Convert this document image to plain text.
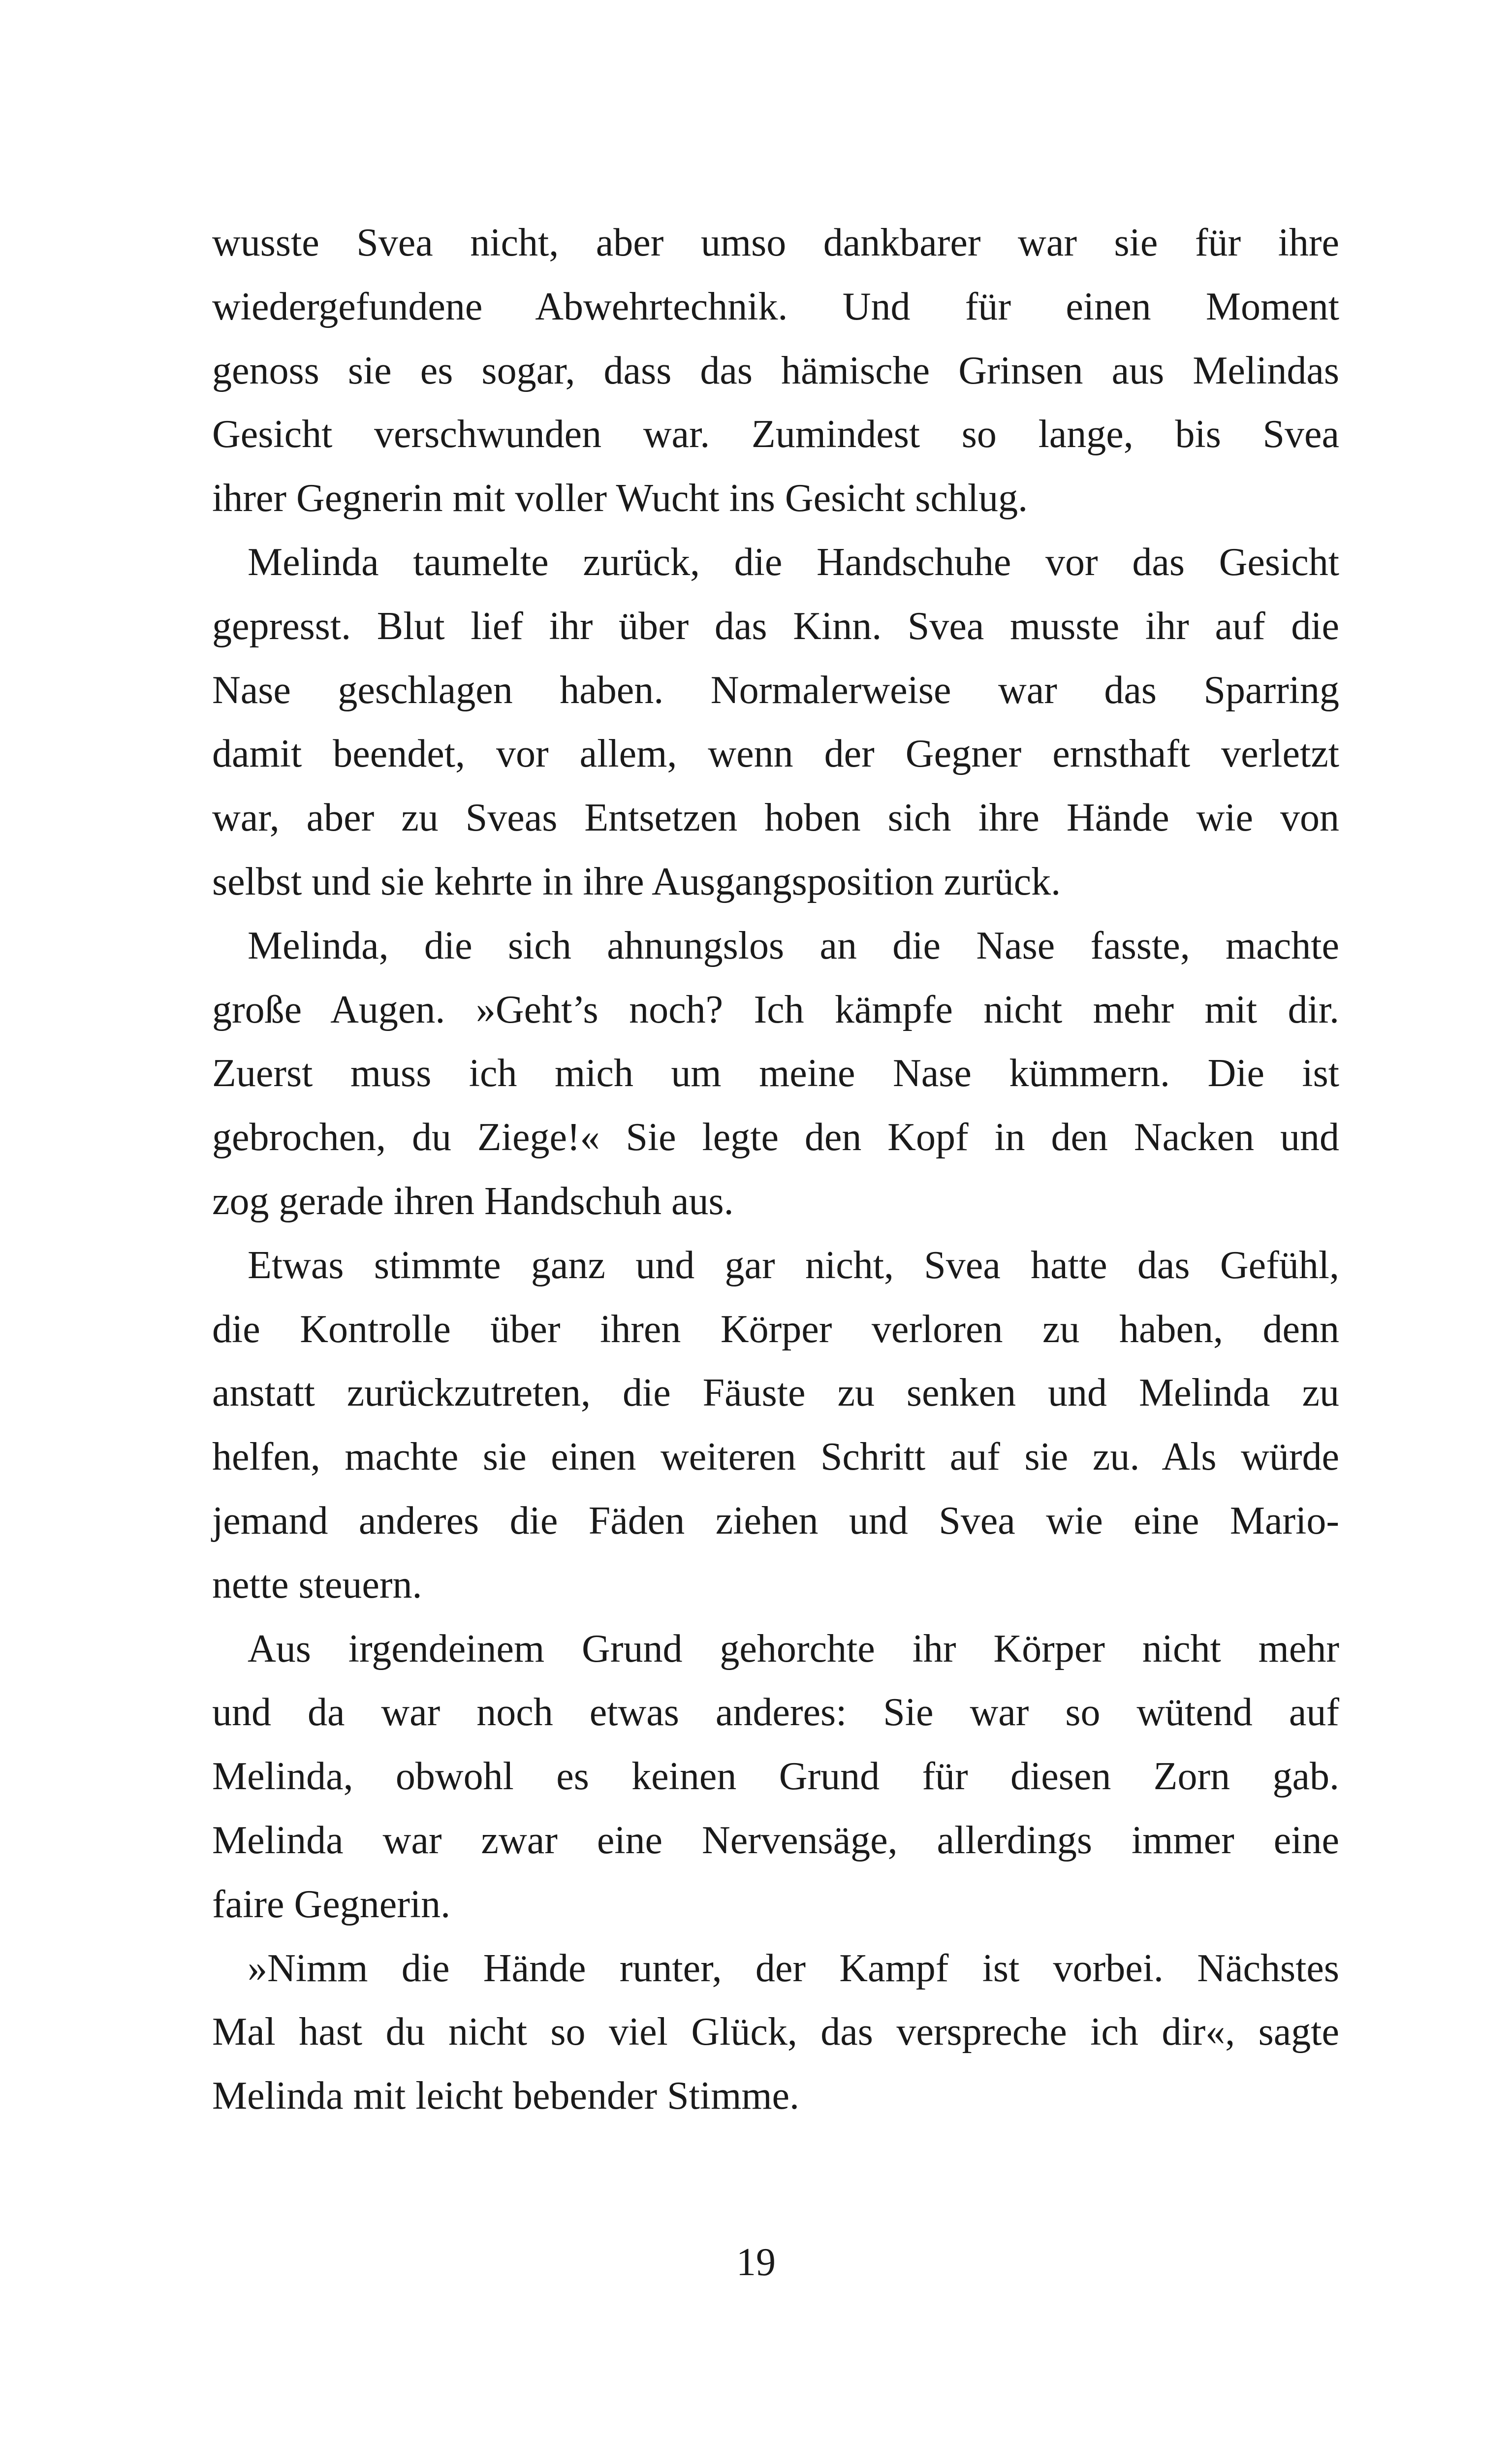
wusste Svea nicht, aber umso dankbarer war sie für ihre
wiedergefundene Abwehrtechnik. Und für einen Moment
genoss sie es sogar, dass das hämische Grinsen aus Melindas
Gesicht verschwunden war. Zumindest so lange, bis Svea
ihrer Gegnerin mit voller Wucht ins Gesicht schlug.
Melinda taumelte zurück, die Handschuhe vor das Gesicht
gepresst. Blut lief ihr über das Kinn. Svea musste ihr auf die
Nase geschlagen haben. Normalerweise war das Sparring
damit beendet, vor allem, wenn der Gegner ernsthaft verletzt
war, aber zu Sveas Entsetzen hoben sich ihre Hände wie von
selbst und sie kehrte in ihre Ausgangsposition zurück.
Melinda, die sich ahnungslos an die Nase fasste, machte
große Augen. »Geht’s noch? Ich kämpfe nicht mehr mit dir.
Zuerst muss ich mich um meine Nase kümmern. Die ist
gebrochen, du Ziege!« Sie legte den Kopf in den Nacken und
zog gerade ihren Handschuh aus.
Etwas stimmte ganz und gar nicht, Svea hatte das Gefühl,
die Kontrolle über ihren Körper verloren zu haben, denn
anstatt zurückzutreten, die Fäuste zu senken und Melinda zu
helfen, machte sie einen weiteren Schritt auf sie zu. Als würde
jemand anderes die Fäden ziehen und Svea wie eine Mario-
nette steuern.
Aus irgendeinem Grund gehorchte ihr Körper nicht mehr
und da war noch etwas anderes: Sie war so wütend auf
Melinda, obwohl es keinen Grund für diesen Zorn gab.
Melinda war zwar eine Nervensäge, allerdings immer eine
faire Gegnerin.
»Nimm die Hände runter, der Kampf ist vorbei. Nächstes
Mal hast du nicht so viel Glück, das verspreche ich dir«, sagte
Melinda mit leicht bebender Stimme.
19
